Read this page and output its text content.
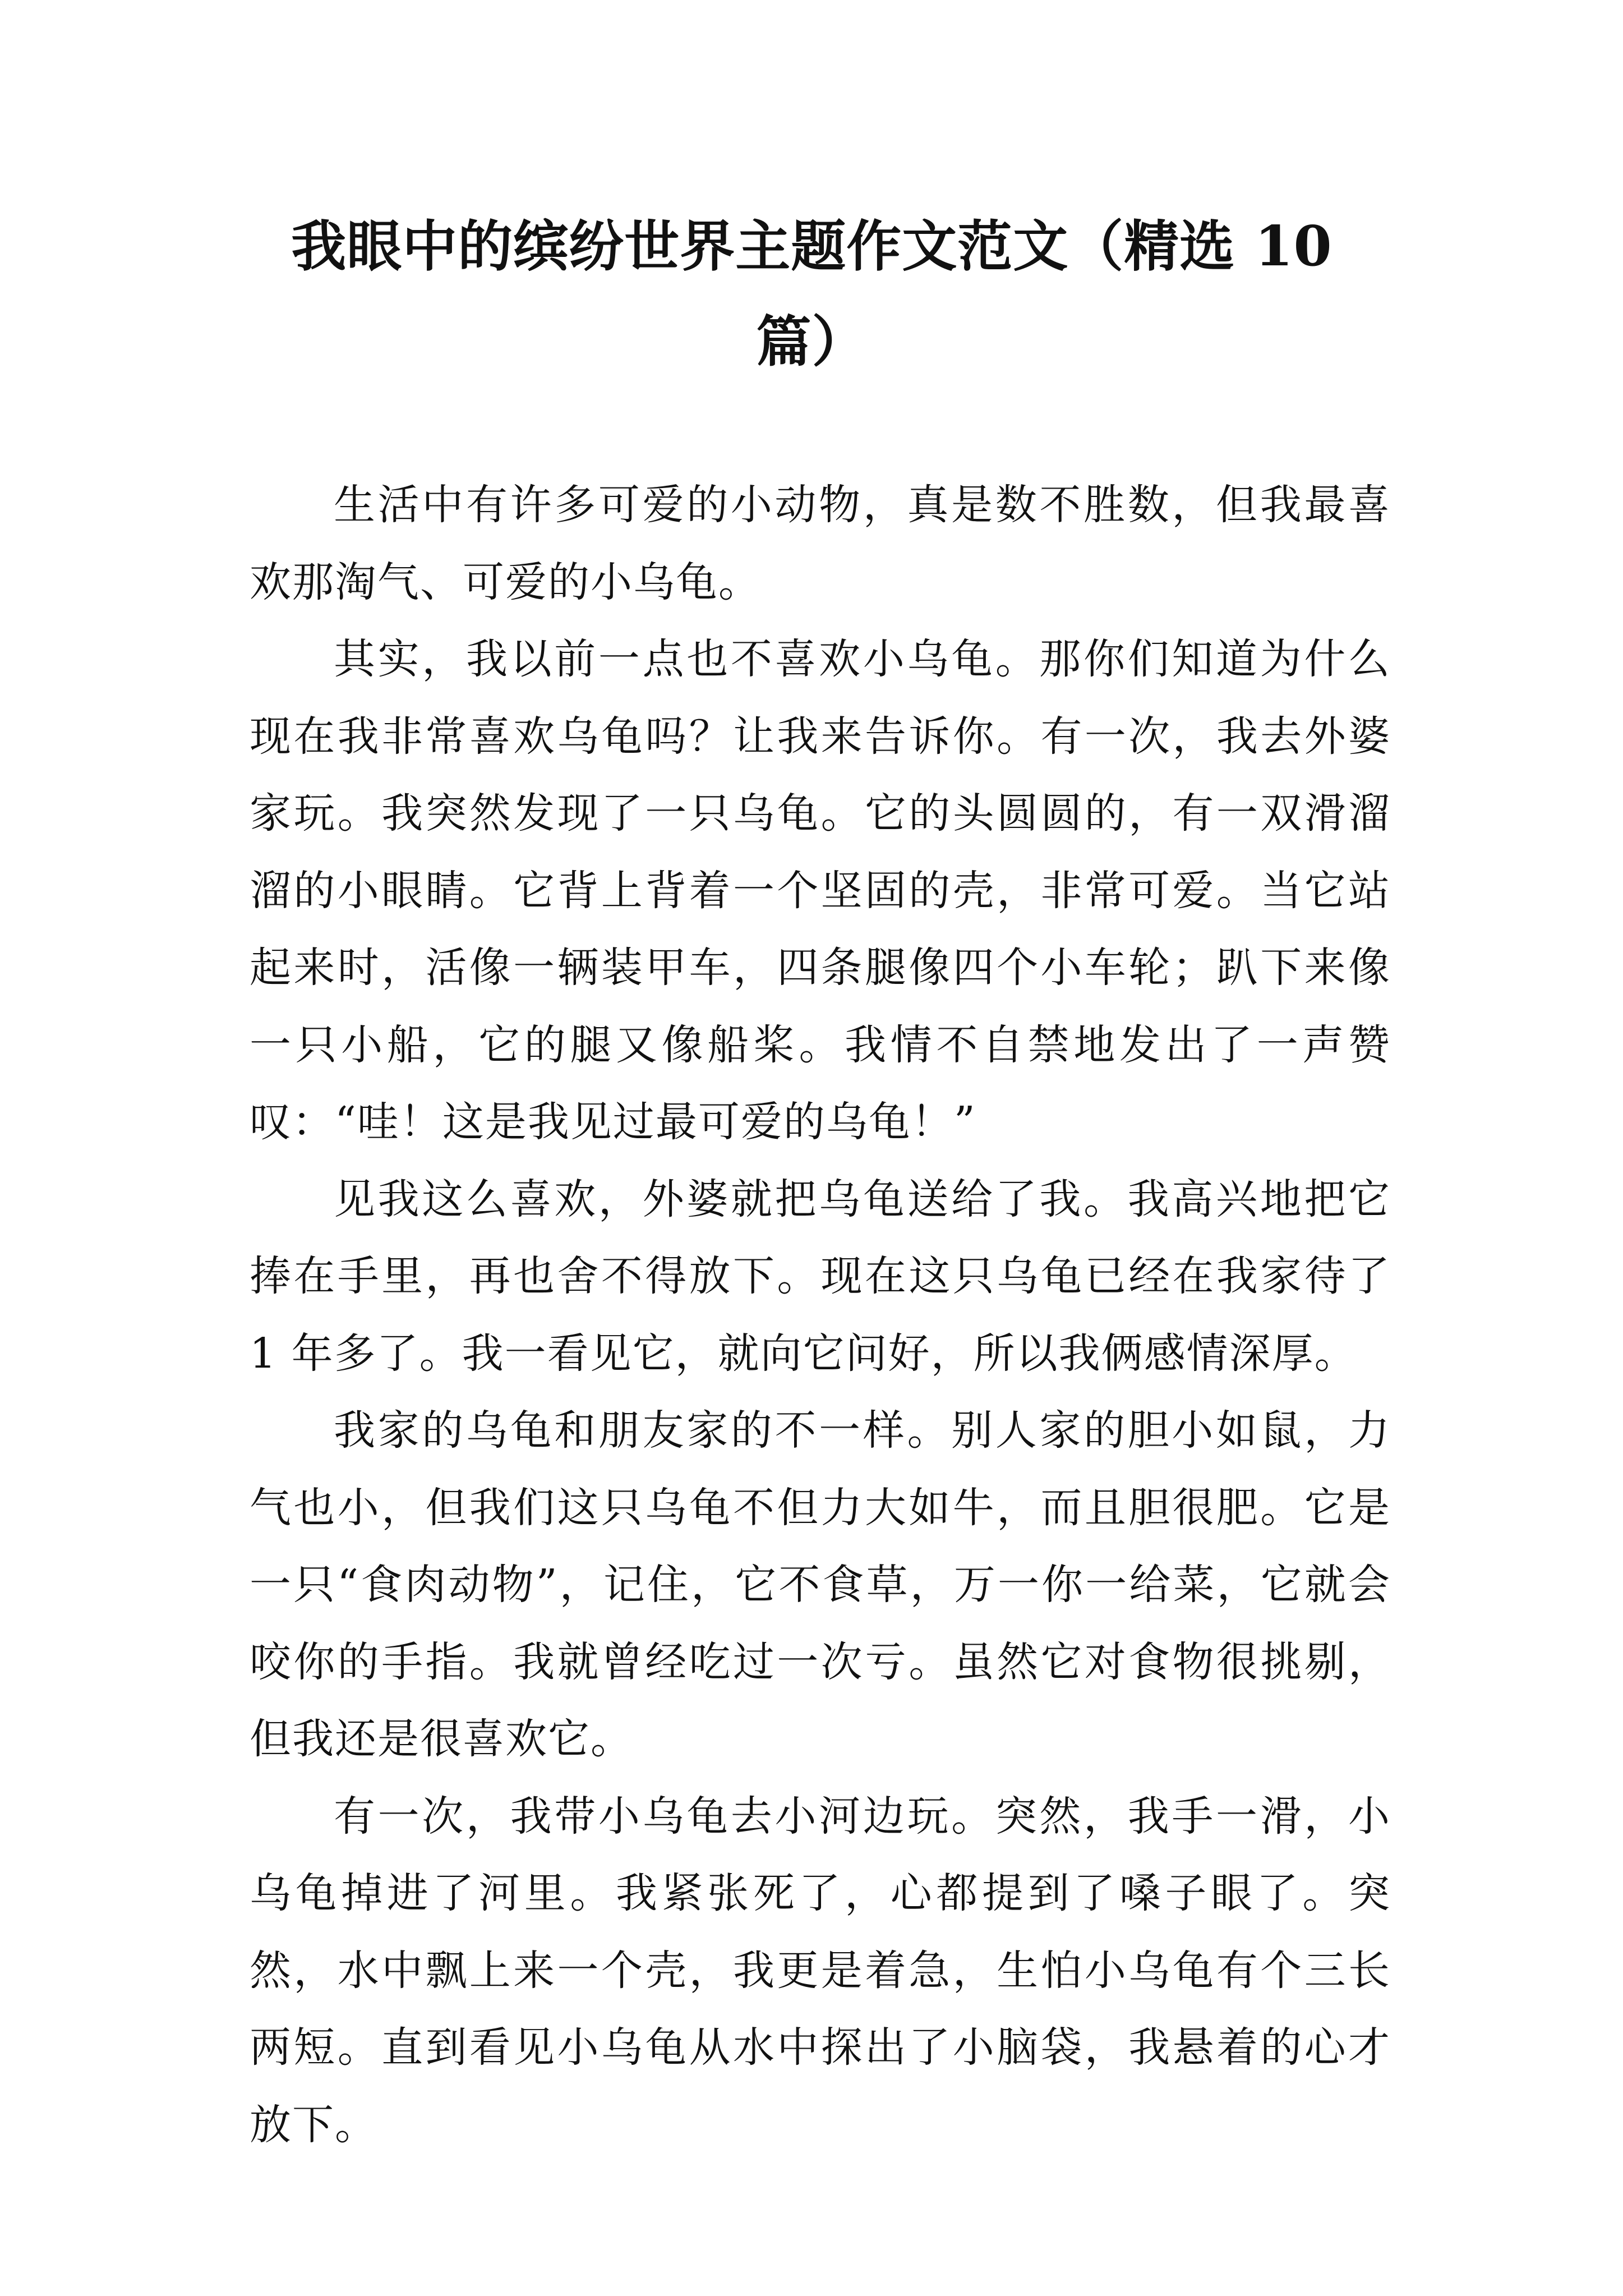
我眼中的缤纷世界主题作文范文（精选 10 篇）

生活中有许多可爱的小动物，真是数不胜数，但我最喜欢那淘气、可爱的小乌龟。

其实，我以前一点也不喜欢小乌龟。那你们知道为什么现在我非常喜欢乌龟吗？让我来告诉你。有一次，我去外婆家玩。我突然发现了一只乌龟。它的头圆圆的，有一双滑溜溜的小眼睛。它背上背着一个坚固的壳，非常可爱。当它站起来时，活像一辆装甲车，四条腿像四个小车轮；趴下来像一只小船，它的腿又像船桨。我情不自禁地发出了一声赞叹：“哇！这是我见过最可爱的乌龟！”

见我这么喜欢，外婆就把乌龟送给了我。我高兴地把它捧在手里，再也舍不得放下。现在这只乌龟已经在我家待了 1 年多了。我一看见它，就向它问好，所以我俩感情深厚。

我家的乌龟和朋友家的不一样。别人家的胆小如鼠，力气也小，但我们这只乌龟不但力大如牛，而且胆很肥。它是一只“食肉动物”，记住，它不食草，万一你一给菜，它就会咬你的手指。我就曾经吃过一次亏。虽然它对食物很挑剔，但我还是很喜欢它。

有一次，我带小乌龟去小河边玩。突然，我手一滑，小乌龟掉进了河里。我紧张死了，心都提到了嗓子眼了。突然，水中飘上来一个壳，我更是着急，生怕小乌龟有个三长两短。直到看见小乌龟从水中探出了小脑袋，我悬着的心才放下。
